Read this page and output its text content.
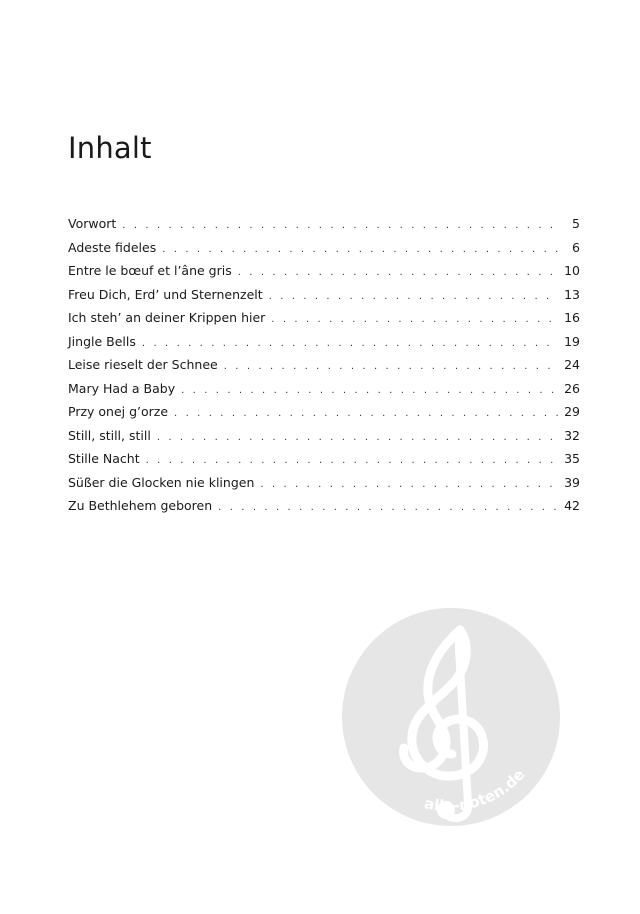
Inhalt
Vorwort . . .	5
Adeste fideles . . .	6
Entre le bœuf et l’âne gris . . .	10
Freu Dich, Erd’ und Sternenzelt . . .	13
Ich steh’ an deiner Krippen hier . . .	16
Jingle Bells . . .	19
Leise rieselt der Schnee . . .	24
Mary Had a Baby . . .	26
Przy onej g’orze . . .	29
Still, still, still . . .	32
Stille Nacht . . .	35
Süßer die Glocken nie klingen . . .	39
Zu Bethlehem geboren . . .	42
alle-noten.de
